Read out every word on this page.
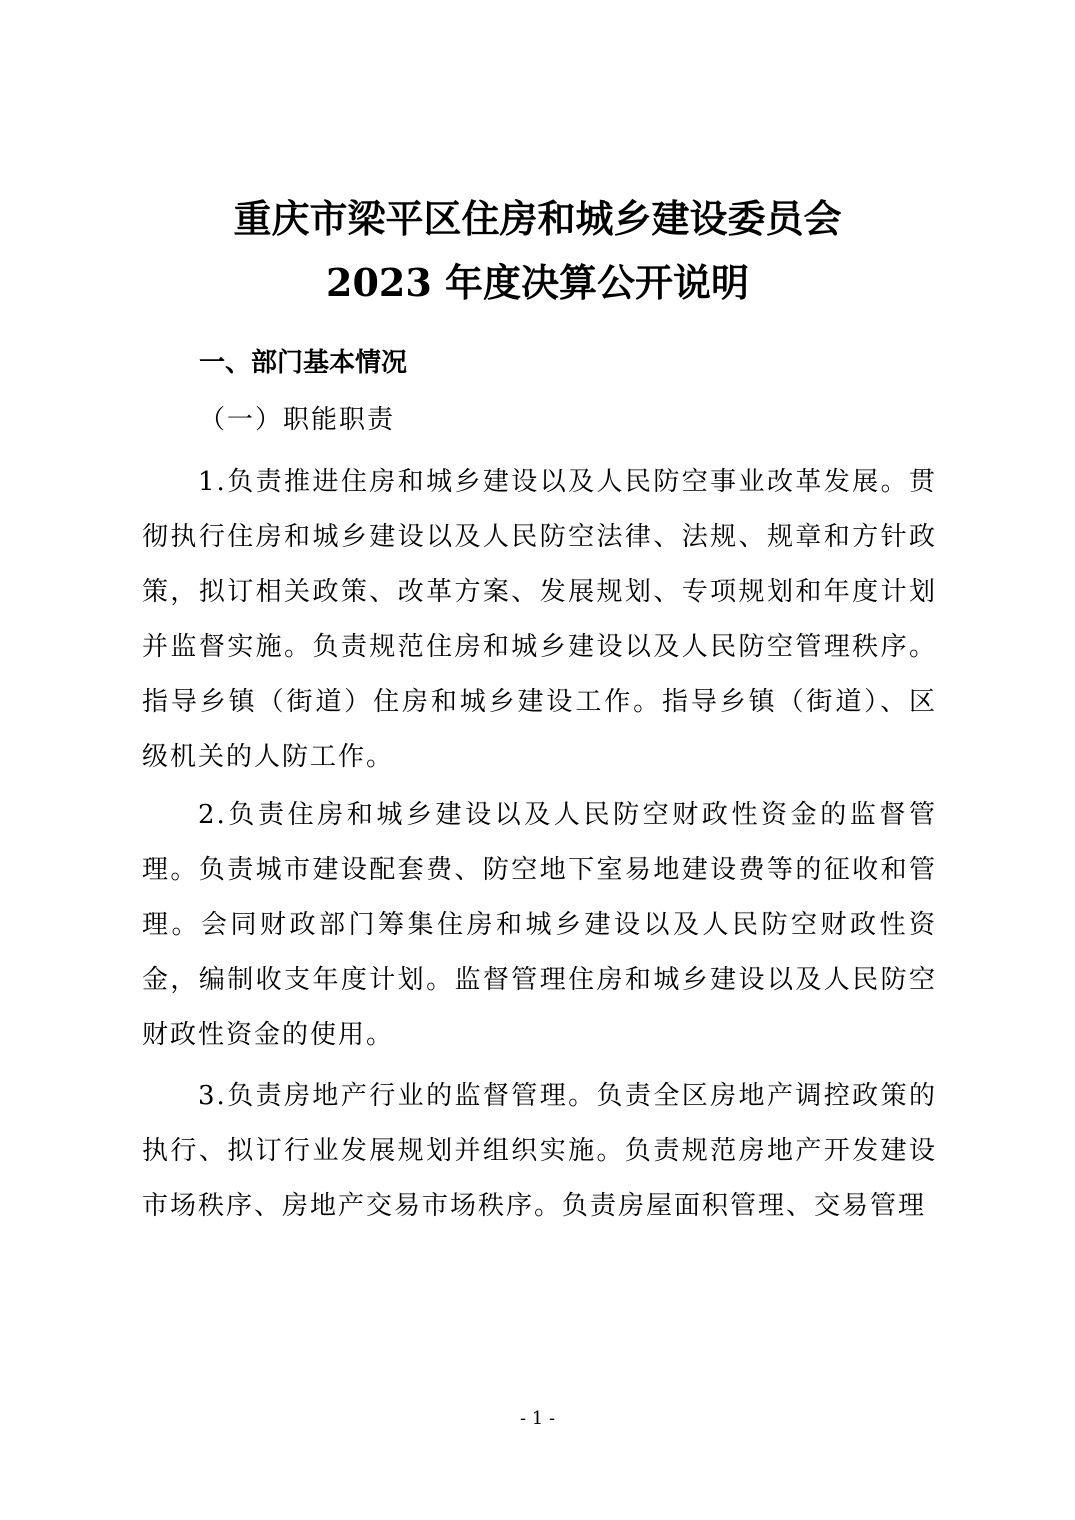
重庆市梁平区住房和城乡建设委员会
2023 年度决算公开说明
一、部门基本情况
（一）职能职责

1.负责推进住房和城乡建设以及人民防空事业改革发展。贯彻执行住房和城乡建设以及人民防空法律、法规、规章和方针政策，拟订相关政策、改革方案、发展规划、专项规划和年度计划并监督实施。负责规范住房和城乡建设以及人民防空管理秩序。指导乡镇（街道）住房和城乡建设工作。指导乡镇（街道）、区级机关的人防工作。

2.负责住房和城乡建设以及人民防空财政性资金的监督管理。负责城市建设配套费、防空地下室易地建设费等的征收和管理。会同财政部门筹集住房和城乡建设以及人民防空财政性资金，编制收支年度计划。监督管理住房和城乡建设以及人民防空财政性资金的使用。

3.负责房地产行业的监督管理。负责全区房地产调控政策的执行、拟订行业发展规划并组织实施。负责规范房地产开发建设市场秩序、房地产交易市场秩序。负责房屋面积管理、交易管理

- 1 -
